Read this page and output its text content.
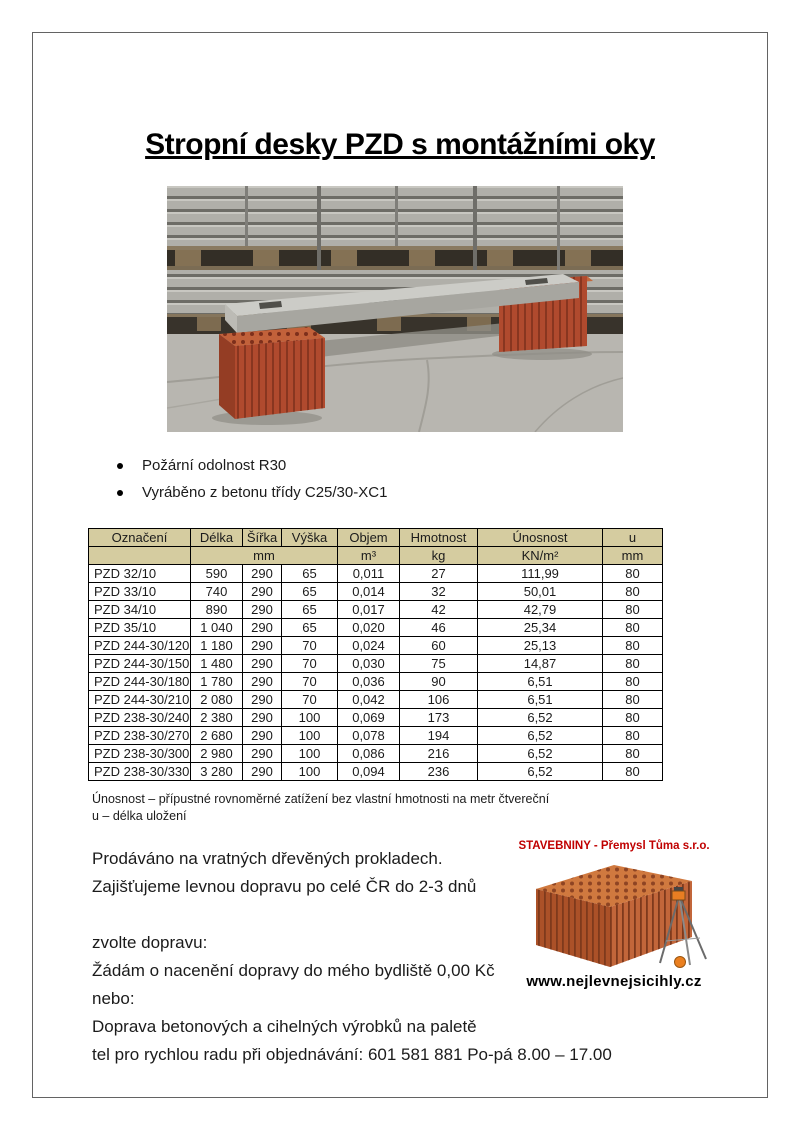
Stropní desky PZD s montážními oky
Požární odolnost R30
Vyráběno z betonu třídy C25/30-XC1
Označení	Délka	Šířka	Výška	Objem	Hmotnost	Únosnost	u
	mm			m³	kg	KN/m²	mm
PZD 32/10	590	290	65	0,011	27	111,99	80
PZD 33/10	740	290	65	0,014	32	50,01	80
PZD 34/10	890	290	65	0,017	42	42,79	80
PZD 35/10	1 040	290	65	0,020	46	25,34	80
PZD 244-30/120	1 180	290	70	0,024	60	25,13	80
PZD 244-30/150	1 480	290	70	0,030	75	14,87	80
PZD 244-30/180	1 780	290	70	0,036	90	6,51	80
PZD 244-30/210	2 080	290	70	0,042	106	6,51	80
PZD 238-30/240	2 380	290	100	0,069	173	6,52	80
PZD 238-30/270	2 680	290	100	0,078	194	6,52	80
PZD 238-30/300	2 980	290	100	0,086	216	6,52	80
PZD 238-30/330	3 280	290	100	0,094	236	6,52	80
Únosnost – přípustné rovnoměrné zatížení bez vlastní hmotnosti na metr čtvereční
u – délka uložení
Prodáváno na vratných dřevěných prokladech.
Zajišťujeme levnou dopravu po celé ČR do 2-3 dnů
zvolte dopravu:
Žádám o nacenění dopravy do mého bydliště 0,00 Kč
nebo:
Doprava betonových a cihelných výrobků na paletě
tel pro rychlou radu při objednávání: 601 581 881 Po-pá 8.00 – 17.00
STAVEBNINY - Přemysl Tůma s.r.o.
www.nejlevnejsicihly.cz
